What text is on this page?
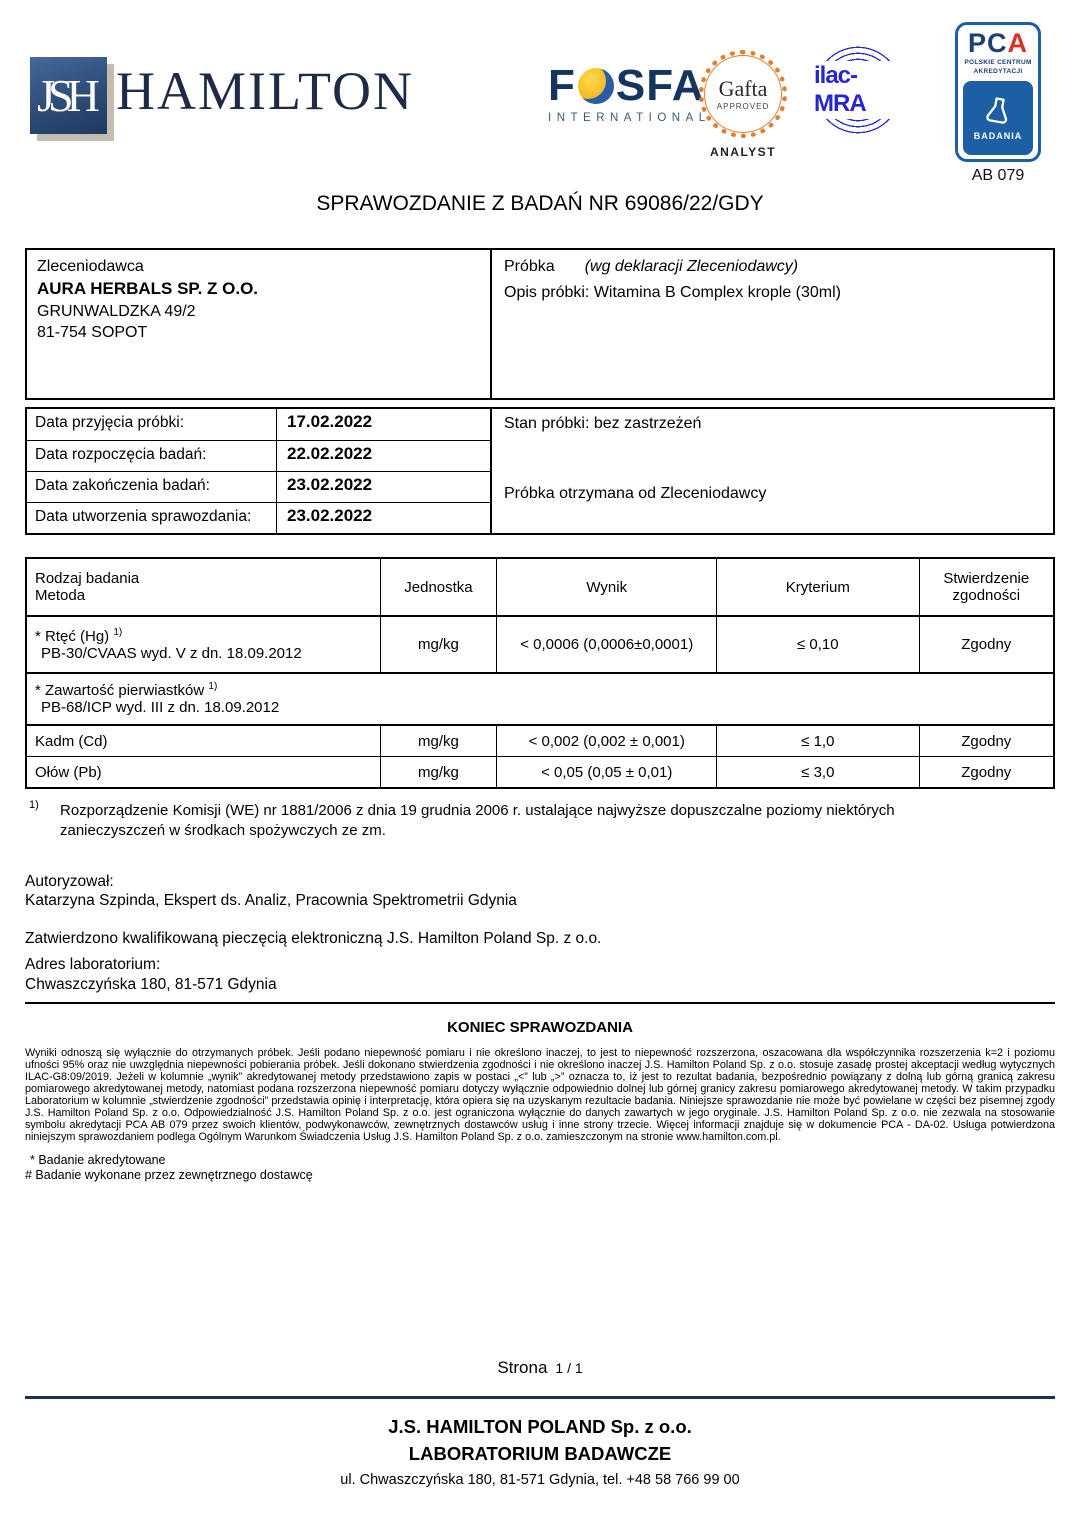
JSH HAMILTON	F SFA
INTERNATIONAL
Gafta
APPROVED
ANALYST
ilac-MRA
PCA
POLSKIE CENTRUM
AKREDYTACJI
BADANIA
AB 079
SPRAWOZDANIE Z BADAŃ NR 69086/22/GDY
Zleceniodawca
AURA HERBALS SP. Z O.O.
GRUNWALDZKA 49/2
81-754 SOPOT
Próbka (wg deklaracji Zleceniodawcy)
Opis próbki: Witamina B Complex krople (30ml)
Data przyjęcia próbki:	17.02.2022
Data rozpoczęcia badań:	22.02.2022
Data zakończenia badań:	23.02.2022
Data utworzenia sprawozdania:	23.02.2022
Stan próbki: bez zastrzeżeń
Próbka otrzymana od Zleceniodawcy
Rodzaj badania
Metoda	Jednostka	Wynik	Kryterium	Stwierdzenie zgodności

* Rtęć (Hg) $^{1)}$
PB-30/CVAAS wyd. V z dn. 18.09.2012	mg/kg	< 0,0006 (0,0006±0,0001)	≤ 0,10	Zgodny

* Zawartość pierwiastków $^{1)}$
PB-68/ICP wyd. III z dn. 18.09.2012				

Kadm (Cd)	mg/kg	< 0,002 (0,002 ± 0,001)	≤ 1,0	Zgodny
Ołów (Pb)	mg/kg	< 0,05 (0,05 ± 0,01)	≤ 3,0	Zgodny
1) Rozporządzenie Komisji (WE) nr 1881/2006 z dnia 19 grudnia 2006 r. ustalające najwyższe dopuszczalne poziomy niektórych zanieczyszczeń w środkach spożywczych ze zm.
Autoryzował:
Katarzyna Szpinda, Ekspert ds. Analiz, Pracownia Spektrometrii Gdynia
Zatwierdzono kwalifikowaną pieczęcią elektroniczną J.S. Hamilton Poland Sp. z o.o.
Adres laboratorium:
Chwaszczyńska 180, 81-571 Gdynia
KONIEC SPRAWOZDANIA
Wyniki odnoszą się wyłącznie do otrzymanych próbek. Jeśli podano niepewność pomiaru i nie określono inaczej, to jest to niepewność rozszerzona, oszacowana dla współczynnika rozszerzenia k=2 i poziomu ufności 95% oraz nie uwzględnia niepewności pobierania próbek. Jeśli dokonano stwierdzenia zgodności i nie określono inaczej J.S. Hamilton Poland Sp. z o.o. stosuje zasadę prostej akceptacji według wytycznych ILAC-G8:09/2019. Jeżeli w kolumnie „wynik” akredytowanej metody przedstawiono zapis w postaci „<” lub „>” oznacza to, iż jest to rezultat badania, bezpośrednio powiązany z dolną lub górną granicą zakresu pomiarowego akredytowanej metody, natomiast podana rozszerzona niepewność pomiaru dotyczy wyłącznie odpowiednio dolnej lub górnej granicy zakresu pomiarowego akredytowanej metody. W takim przypadku Laboratorium w kolumnie „stwierdzenie zgodności” przedstawia opinię i interpretację, która opiera się na uzyskanym rezultacie badania. Niniejsze sprawozdanie nie może być powielane w części bez pisemnej zgody J.S. Hamilton Poland Sp. z o.o. Odpowiedzialność J.S. Hamilton Poland Sp. z o.o. jest ograniczona wyłącznie do danych zawartych w jego oryginale. J.S. Hamilton Poland Sp. z o.o. nie zezwala na stosowanie symbolu akredytacji PCA AB 079 przez swoich klientów, podwykonawców, zewnętrznych dostawców usług i inne strony trzecie. Więcej informacji znajduje się w dokumencie PCA - DA-02. Usługa potwierdzona niniejszym sprawozdaniem podlega Ogólnym Warunkom Świadczenia Usług J.S. Hamilton Poland Sp. z o.o. zamieszczonym na stronie www.hamilton.com.pl.
* Badanie akredytowane
# Badanie wykonane przez zewnętrznego dostawcę
Strona 1 / 1
J.S. HAMILTON POLAND Sp. z o.o.
LABORATORIUM BADAWCZE
ul. Chwaszczyńska 180, 81-571 Gdynia, tel. +48 58 766 99 00
